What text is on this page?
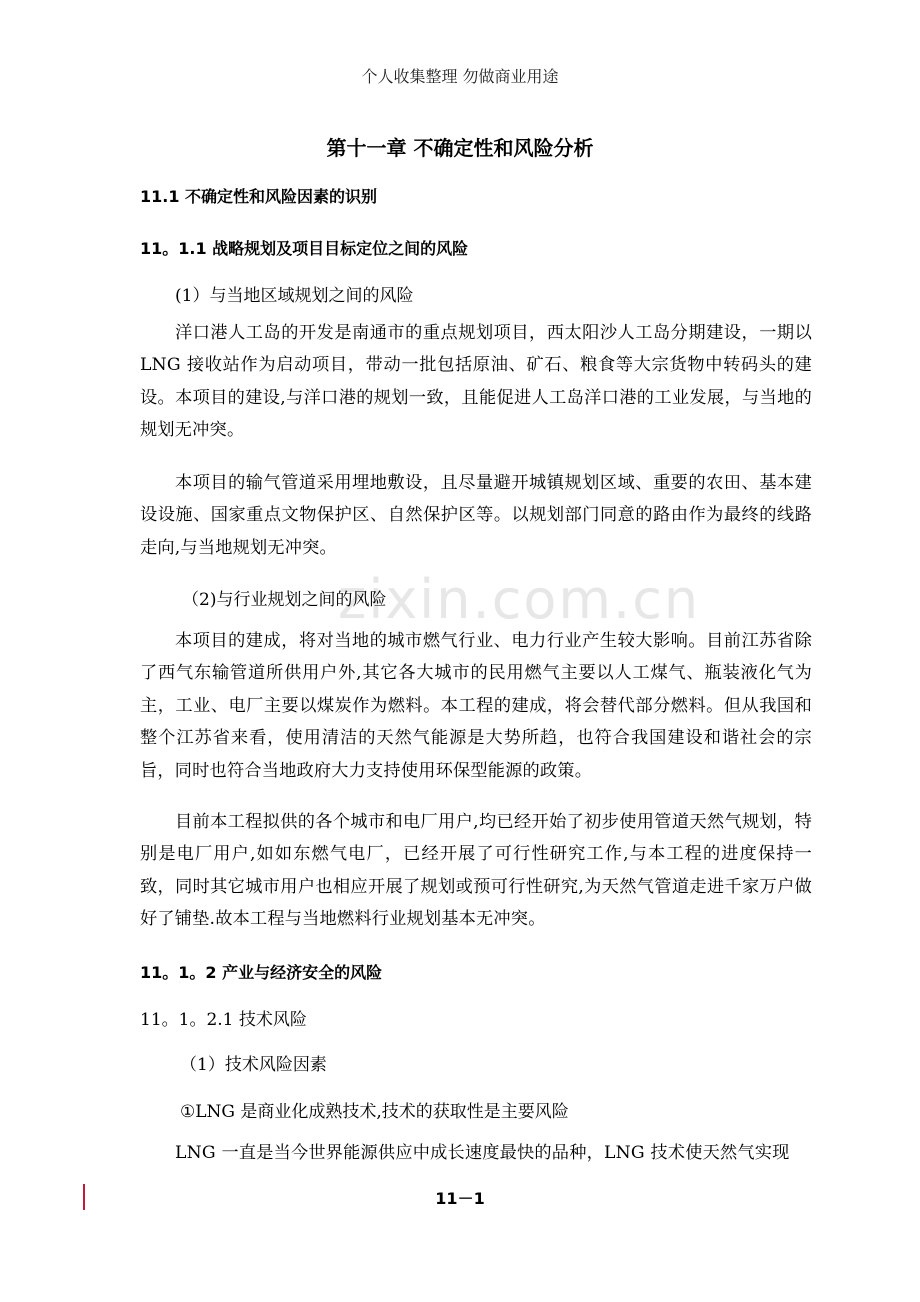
zixin.com.cn
个人收集整理 勿做商业用途
第十一章 不确定性和风险分析
11.1 不确定性和风险因素的识别
11。1.1 战略规划及项目目标定位之间的风险
(1）与当地区域规划之间的风险
洋口港人工岛的开发是南通市的重点规划项目，西太阳沙人工岛分期建设，一期以 LNG 接收站作为启动项目，带动一批包括原油、矿石、粮食等大宗货物中转码头的建设。本项目的建设,与洋口港的规划一致，且能促进人工岛洋口港的工业发展，与当地的规划无冲突。
本项目的输气管道采用埋地敷设，且尽量避开城镇规划区域、重要的农田、基本建设设施、国家重点文物保护区、自然保护区等。以规划部门同意的路由作为最终的线路走向,与当地规划无冲突。
（2)与行业规划之间的风险
本项目的建成，将对当地的城市燃气行业、电力行业产生较大影响。目前江苏省除了西气东输管道所供用户外,其它各大城市的民用燃气主要以人工煤气、瓶装液化气为主，工业、电厂主要以煤炭作为燃料。本工程的建成，将会替代部分燃料。但从我国和整个江苏省来看，使用清洁的天然气能源是大势所趋，也符合我国建设和谐社会的宗旨，同时也符合当地政府大力支持使用环保型能源的政策。
目前本工程拟供的各个城市和电厂用户,均已经开始了初步使用管道天然气规划，特别是电厂用户,如如东燃气电厂，已经开展了可行性研究工作,与本工程的进度保持一致，同时其它城市用户也相应开展了规划或预可行性研究,为天然气管道走进千家万户做好了铺垫.故本工程与当地燃料行业规划基本无冲突。
11。1。2 产业与经济安全的风险
11。1。2.1 技术风险
（1）技术风险因素
①LNG 是商业化成熟技术,技术的获取性是主要风险
LNG 一直是当今世界能源供应中成长速度最快的品种，LNG 技术使天然气实现
11－1
